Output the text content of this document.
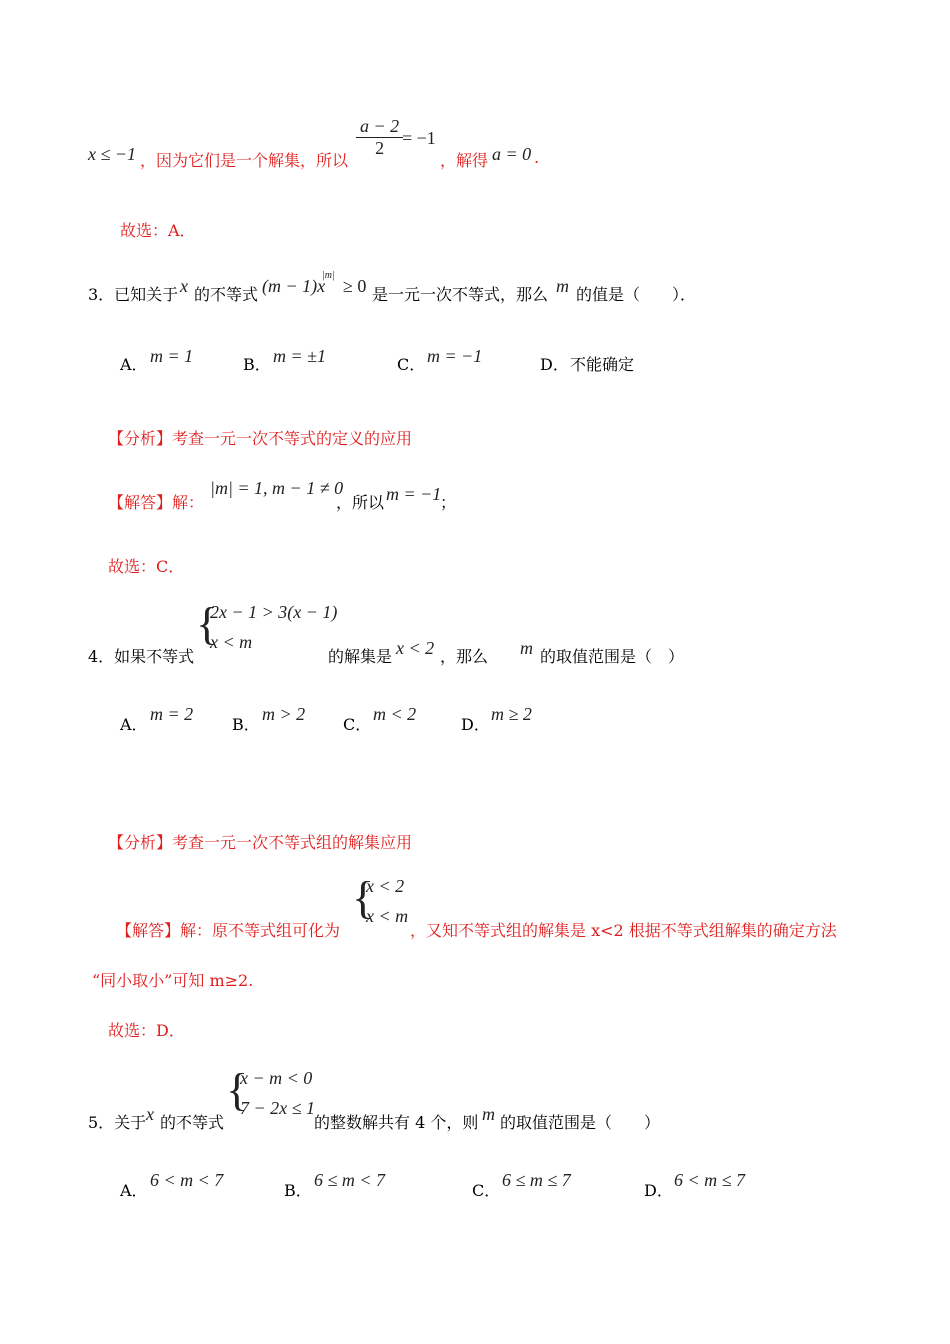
x ≤ −1 ，因为它们是一个解集，所以
$\frac{a - 2}{2}$
= −1
，解得 a = 0 .
故选：A．
3．已知关于 x 的不等式 (m − 1)x
|m|
≥ 0 是一元一次不等式，那么 m 的值是（　　）．
A． m = 1	B． m = ±1	C． m = −1	D． 不能确定
【分析】考查一元一次不等式的定义的应用
【解答】解：
|m| = 1, m − 1 ≠ 0
，所以 m = −1
；
故选：C．
4．如果不等式
{
2x − 1 > 3(x − 1)
x < m
的解集是 x < 2 ，那么 m 的取值范围是（　）
A．
m = 2
B．
m > 2
C．
m < 2
D．
m ≥ 2
【分析】考查一元一次不等式组的解集应用
【解答】解：原不等式组可化为
{
x < 2
x < m
，又知不等式组的解集是 x<2 根据不等式组解集的确定方法
“同小取小”可知 m≥2.
故选：D．
5．关于 x 的不等式
{
x − m < 0
7 − 2x ≤ 1
的整数解共有 4 个，则 m 的取值范围是（　　）
A．
6 < m < 7
B．
6 ≤ m < 7
C．
6 ≤ m ≤ 7
D．
6 < m ≤ 7
